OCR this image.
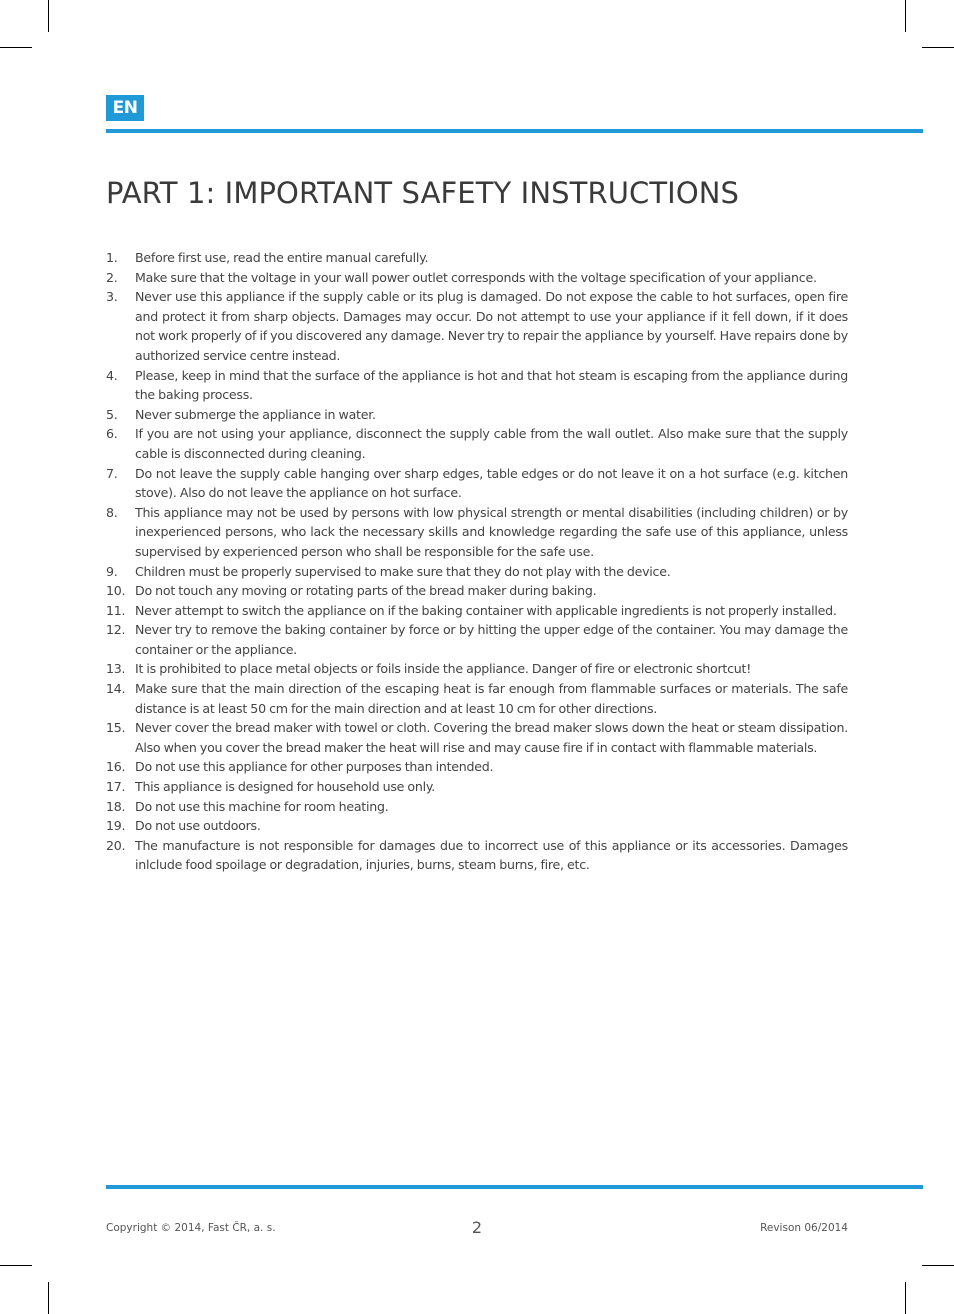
EN
PART 1: IMPORTANT SAFETY INSTRUCTIONS
1. Before first use, read the entire manual carefully.
2. Make sure that the voltage in your wall power outlet corresponds with the voltage specification of your appliance.
3. Never use this appliance if the supply cable or its plug is damaged. Do not expose the cable to hot surfaces, open fire and protect it from sharp objects. Damages may occur. Do not attempt to use your appliance if it fell down, if it does not work properly of if you discovered any damage. Never try to repair the appliance by yourself. Have repairs done by authorized service centre instead.
4. Please, keep in mind that the surface of the appliance is hot and that hot steam is escaping from the appliance during the baking process.
5. Never submerge the appliance in water.
6. If you are not using your appliance, disconnect the supply cable from the wall outlet. Also make sure that the supply cable is disconnected during cleaning.
7. Do not leave the supply cable hanging over sharp edges, table edges or do not leave it on a hot surface (e.g. kitchen stove). Also do not leave the appliance on hot surface.
8. This appliance may not be used by persons with low physical strength or mental disabilities (including children) or by inexperienced persons, who lack the necessary skills and knowledge regarding the safe use of this appliance, unless supervised by experienced person who shall be responsible for the safe use.
9. Children must be properly supervised to make sure that they do not play with the device.
10. Do not touch any moving or rotating parts of the bread maker during baking.
11. Never attempt to switch the appliance on if the baking container with applicable ingredients is not properly installed.
12. Never try to remove the baking container by force or by hitting the upper edge of the container. You may damage the container or the appliance.
13. It is prohibited to place metal objects or foils inside the appliance. Danger of fire or electronic shortcut!
14. Make sure that the main direction of the escaping heat is far enough from flammable surfaces or materials. The safe distance is at least 50 cm for the main direction and at least 10 cm for other directions.
15. Never cover the bread maker with towel or cloth. Covering the bread maker slows down the heat or steam dissipation. Also when you cover the bread maker the heat will rise and may cause fire if in contact with flammable materials.
16. Do not use this appliance for other purposes than intended.
17. This appliance is designed for household use only.
18. Do not use this machine for room heating.
19. Do not use outdoors.
20. The manufacture is not responsible for damages due to incorrect use of this appliance or its accessories. Damages inlclude food spoilage or degradation, injuries, burns, steam burns, fire, etc.
Copyright © 2014, Fast ČR, a. s.	2	Revison 06/2014
